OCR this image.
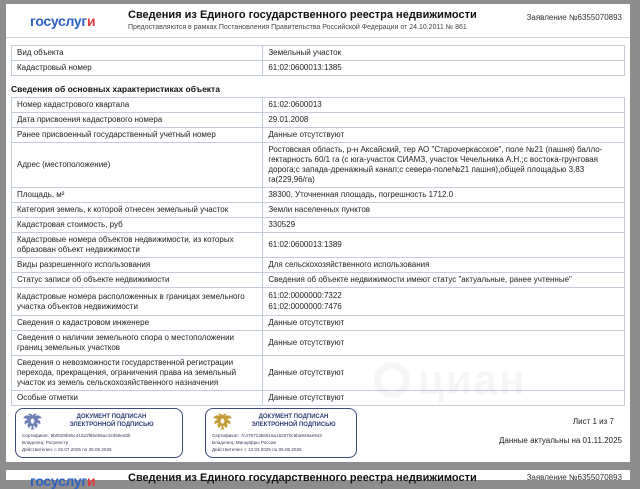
циан
госуслуги	Сведения из Единого государственного реестра недвижимости
Предоставляются в рамках Постановления Правительства Российской Федерации от 24.10.2011 № 861
Заявление №6355070893
Вид объекта	Земельный участок
Кадастровый номер	61:02:0600013:1385
Сведения об основных характеристиках объекта
Номер кадастрового квартала	61:02:0600013
Дата присвоения кадастрового номера	29.01.2008
Ранее присвоенный государственный учетный номер	Данные отсутствуют
Адрес (местоположение)	Ростовская область, р-н Аксайский, тер АО "Старочеркасское", поле №21 (пашня) балло-гектарность 60/1 га (с юга-участок СИАМЗ, участок Чечельника А.Н.;с востока-грунтовая дорога;с запада-дренажный канал;с севера-поле№21 пашня),общей площадью 3,83 га(229,96/га)
Площадь, м²	38300, Уточненная площадь, погрешность 1712.0
Категория земель, к которой отнесен земельный участок	Земли населенных пунктов
Кадастровая стоимость, руб	330529
Кадастровые номера объектов недвижимости, из которых образован объект недвижимости	61:02:0600013:1389
Виды разрешенного использования	Для сельскохозяйственного использования
Статус записи об объекте недвижимости	Сведения об объекте недвижимости имеют статус "актуальные, ранее учтенные"
Кадастровые номера расположенных в границах земельного участка объектов недвижимости	61:02:0000000:7322
61:02:0000000:7476

Сведения о кадастровом инженере	Данные отсутствуют
Сведения о наличии земельного спора о местоположении границ земельных участков	Данные отсутствуют
Сведения о невозможности государственной регистрации перехода, прекращения, ограничения права на земельный участок из земель сельскохозяйственного назначения	Данные отсутствуют
Особые отметки	Данные отсутствуют
ДОКУМЕНТ ПОДПИСАН ЭЛЕКТРОННОЙ ПОДПИСЬЮ
Сертификат: 9b0528b65c41622f6beb6ac42d55ed3b
Владелец: Росреестр
Действителен: с 02.07.2025 по 25.09.2026
ДОКУМЕНТ ПОДПИСАН ЭЛЕКТРОННОЙ ПОДПИСЬЮ
Сертификат: 7c475713b6516a152070c6ba948ae943
Владелец: Минцифры России
Действителен: с 12.03.2025 по 05.06.2026
Лист 1 из 7
Данные актуальны на 01.11.2025
госуслуги	Сведения из Единого государственного реестра недвижимости	Заявление №6355070893
